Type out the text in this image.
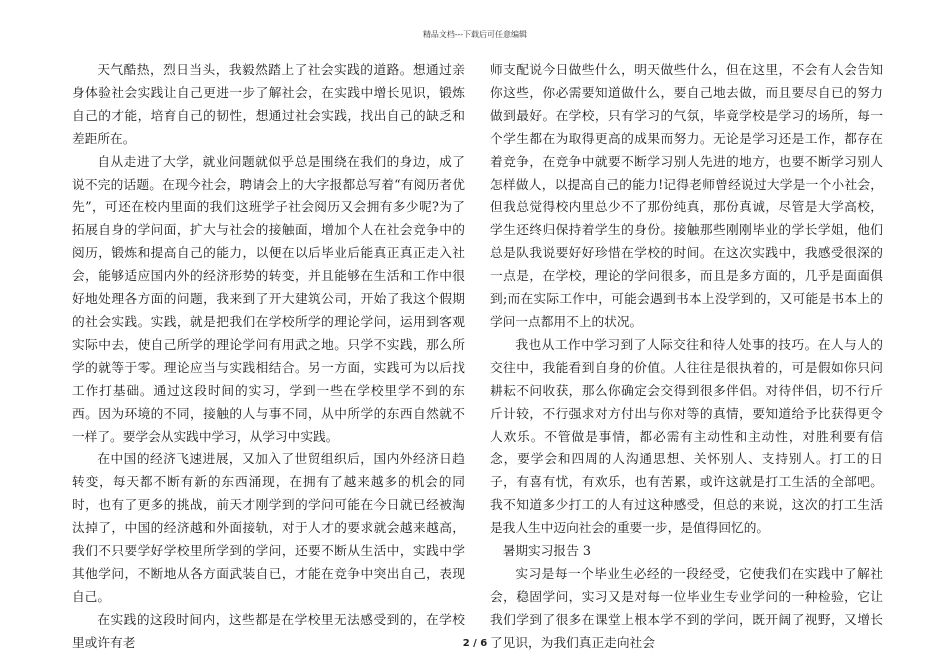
精品文档---下载后可任意编辑

天气酷热，烈日当头，我毅然踏上了社会实践的道路。想通过亲身体验社会实践让自己更进一步了解社会，在实践中增长见识，锻炼自己的才能，培育自己的韧性，想通过社会实践，找出自己的缺乏和差距所在。

自从走进了大学，就业问题就似乎总是围绕在我们的身边，成了说不完的话题。在现今社会，聘请会上的大字报都总写着“有阅历者优先”，可还在校内里面的我们这班学子社会阅历又会拥有多少呢?为了拓展自身的学问面，扩大与社会的接触面，增加个人在社会竞争中的阅历，锻炼和提高自己的能力，以便在以后毕业后能真正真正走入社会，能够适应国内外的经济形势的转变，并且能够在生活和工作中很好地处理各方面的问题，我来到了开大建筑公司，开始了我这个假期的社会实践。实践，就是把我们在学校所学的理论学问，运用到客观实际中去，使自己所学的理论学问有用武之地。只学不实践，那么所学的就等于零。理论应当与实践相结合。另一方面，实践可为以后找工作打基础。通过这段时间的实习，学到一些在学校里学不到的东西。因为环境的不同，接触的人与事不同，从中所学的东西自然就不一样了。要学会从实践中学习，从学习中实践。

在中国的经济飞速进展，又加入了世贸组织后，国内外经济日趋转变，每天都不断有新的东西涌现，在拥有了越来越多的机会的同时，也有了更多的挑战，前天才刚学到的学问可能在今日就已经被淘汰掉了，中国的经济越和外面接轨，对于人才的要求就会越来越高，我们不只要学好学校里所学到的学问，还要不断从生活中，实践中学其他学问，不断地从各方面武装自已，才能在竞争中突出自己，表现自己。

在实践的这段时间内，这些都是在学校里无法感受到的，在学校里或许有老

师支配说今日做些什么，明天做些什么，但在这里，不会有人会告知你这些，你必需要知道做什么，要自己地去做，而且要尽自已的努力做到最好。在学校，只有学习的气氛，毕竟学校是学习的场所，每一个学生都在为取得更高的成果而努力。无论是学习还是工作，都存在着竞争，在竞争中就要不断学习别人先进的地方，也要不断学习别人怎样做人，以提高自己的能力!记得老师曾经说过大学是一个小社会，但我总觉得校内里总少不了那份纯真，那份真诚，尽管是大学高校，学生还终归保持着学生的身份。接触那些刚刚毕业的学长学姐，他们总是队我说要好好珍惜在学校的时间。在这次实践中，我感受很深的一点是，在学校，理论的学问很多，而且是多方面的，几乎是面面俱到;而在实际工作中，可能会遇到书本上没学到的，又可能是书本上的学问一点都用不上的状况。

我也从工作中学习到了人际交往和待人处事的技巧。在人与人的交往中，我能看到自身的价值。人往往是很执着的，可是假如你只问耕耘不问收获，那么你确定会交得到很多伴侣。对待伴侣，切不行斤斤计较，不行强求对方付出与你对等的真情，要知道给予比获得更令人欢乐。不管做是事情，都必需有主动性和主动性，对胜利要有信念，要学会和四周的人沟通思想、关怀别人、支持别人。打工的日子，有喜有忧，有欢乐，也有苦累，或许这就是打工生活的全部吧。我不知道多少打工的人有过这种感受，但总的来说，这次的打工生活是我人生中迈向社会的重要一步，是值得回忆的。

暑期实习报告 3

实习是每一个毕业生必经的一段经受，它使我们在实践中了解社会，稳固学问，实习又是对每一位毕业生专业学问的一种检验，它让我们学到了很多在课堂上根本学不到的学问，既开阔了视野，又增长了见识，为我们真正走向社会

2 / 6
